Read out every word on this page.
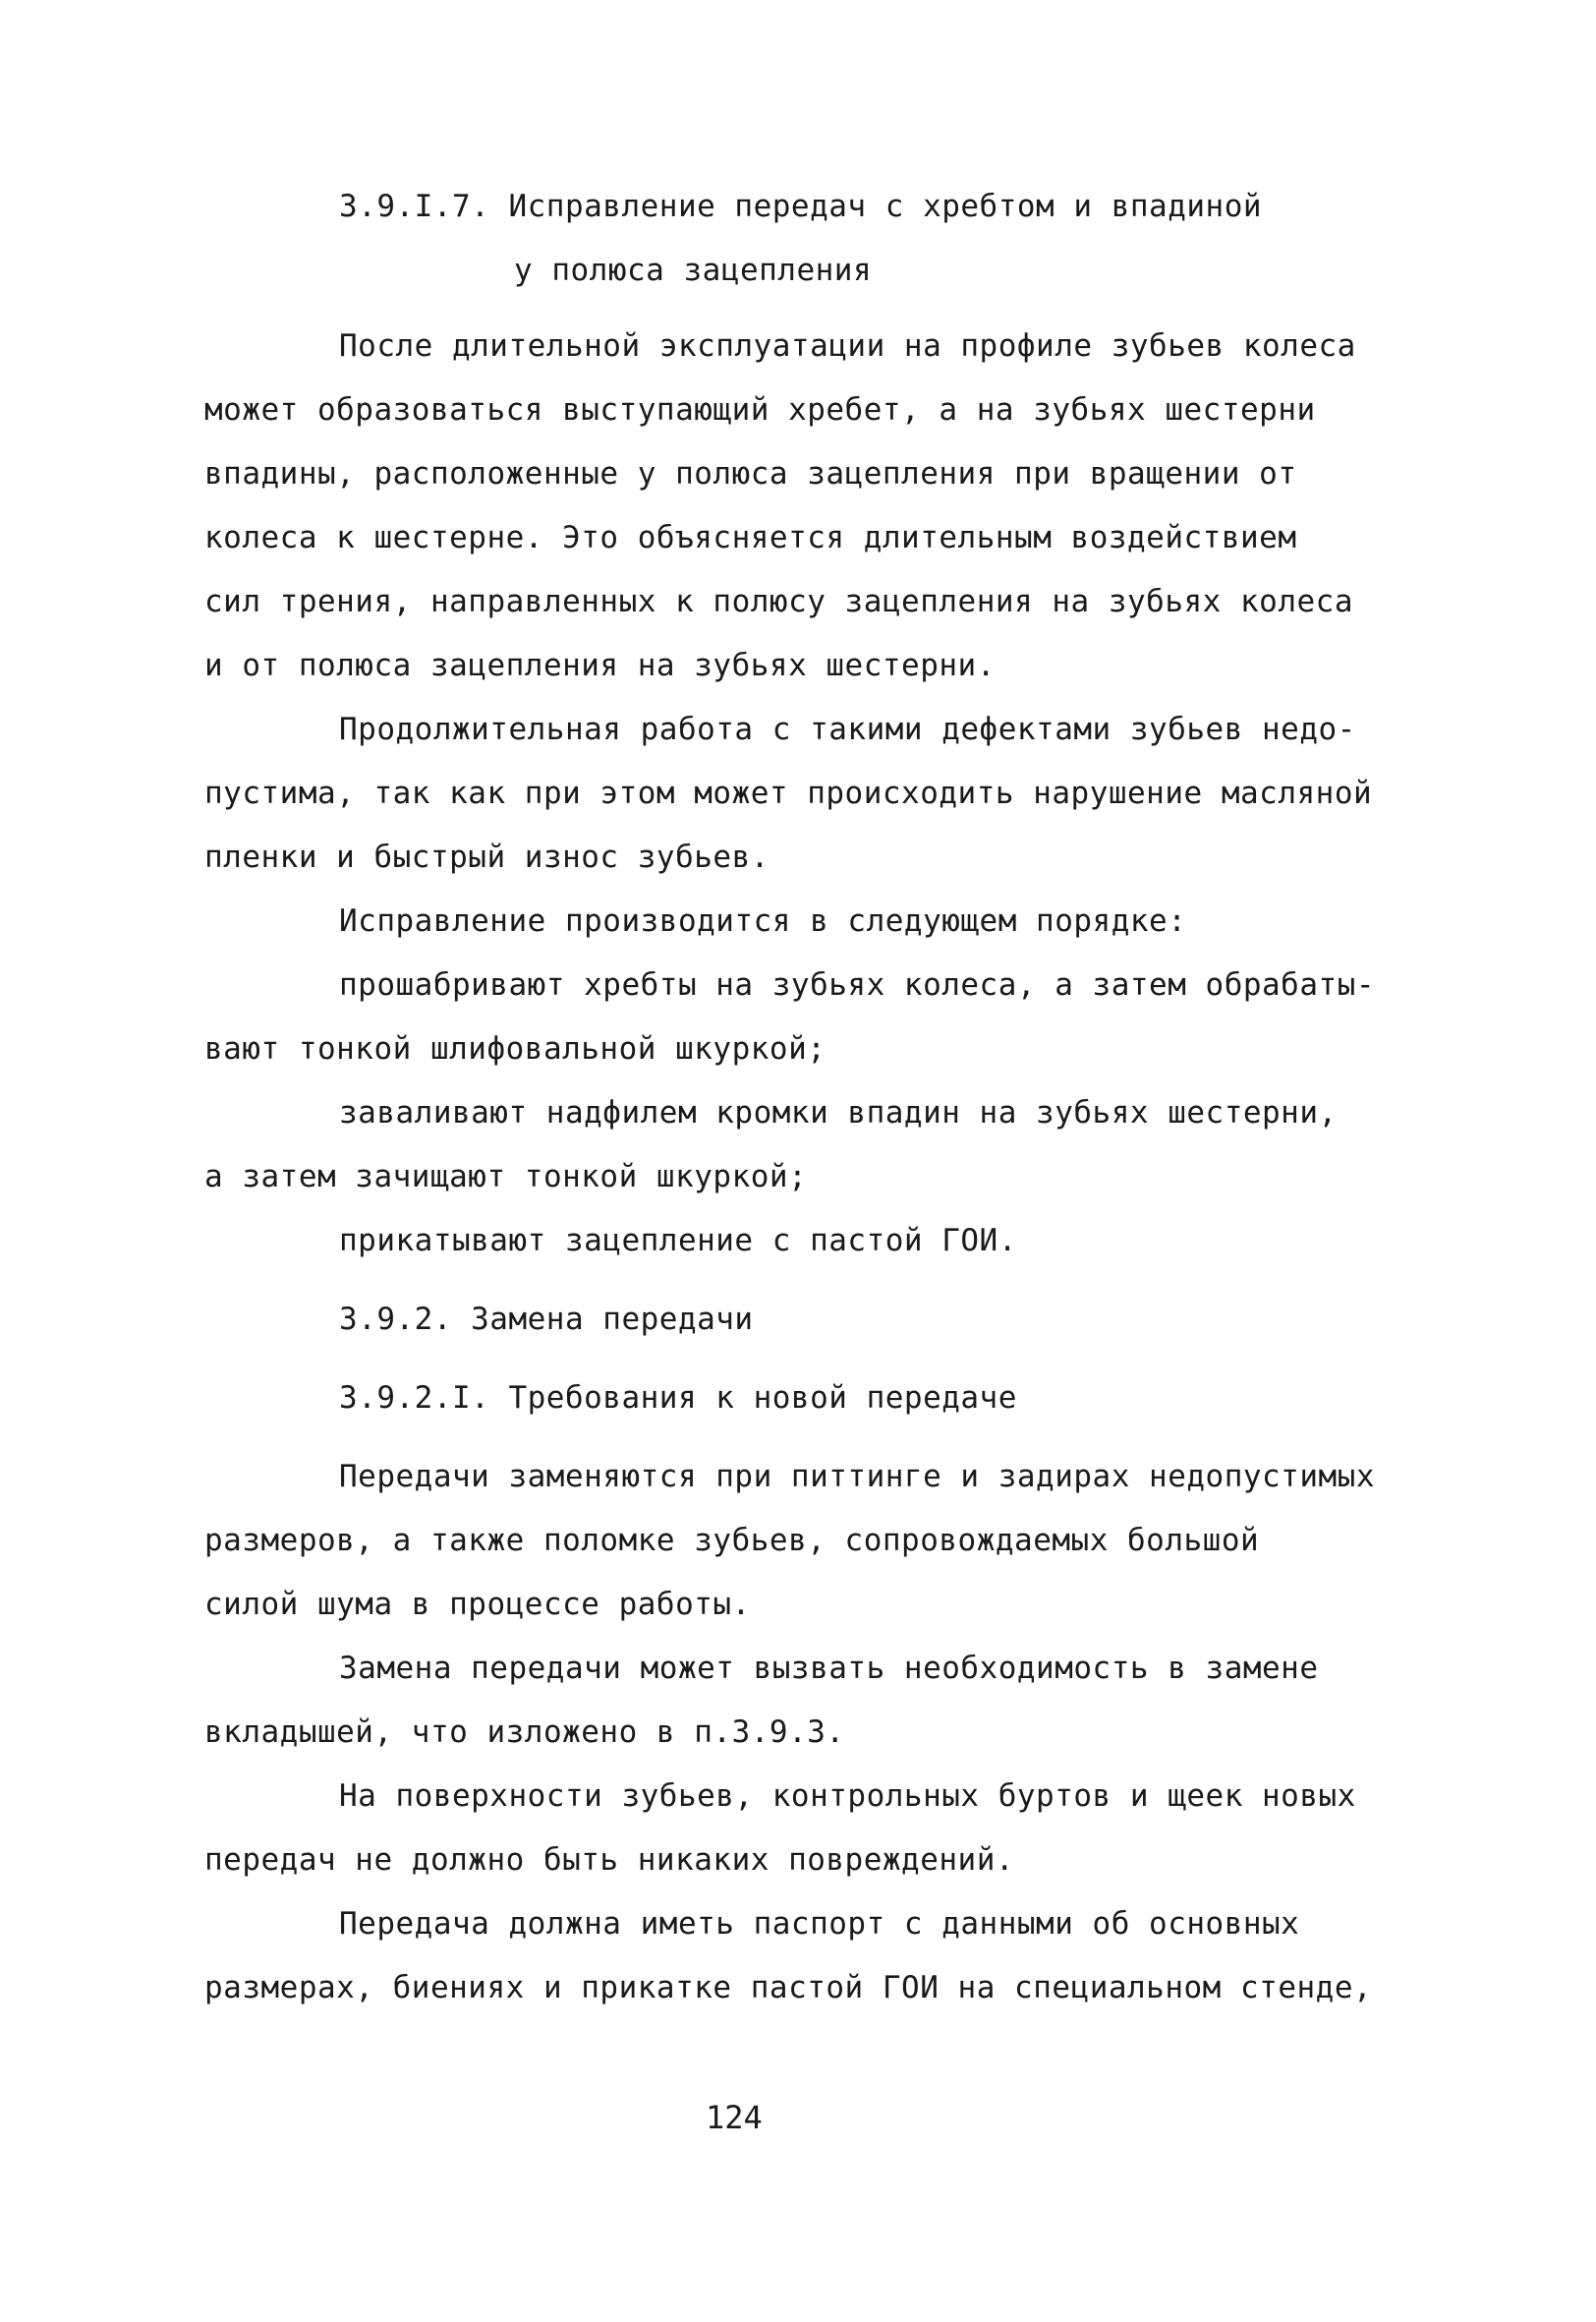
3.9.I.7. Исправление передач с хребтом и впадиной
у полюса зацепления
После длительной эксплуатации на профиле зубьев колеса
может образоваться выступающий хребет, а на зубьях шестерни
впадины, расположенные у полюса зацепления при вращении от
колеса к шестерне. Это объясняется длительным воздействием
сил трения, направленных к полюсу зацепления на зубьях колеса
и от полюса зацепления на зубьях шестерни.
Продолжительная работа с такими дефектами зубьев недо-
пустима, так как при этом может происходить нарушение масляной
пленки и быстрый износ зубьев.
Исправление производится в следующем порядке:
прошабривают хребты на зубьях колеса, а затем обрабаты-
вают тонкой шлифовальной шкуркой;
заваливают надфилем кромки впадин на зубьях шестерни,
а затем зачищают тонкой шкуркой;
прикатывают зацепление с пастой ГОИ.
3.9.2. Замена передачи
3.9.2.I. Требования к новой передаче
Передачи заменяются при питтинге и задирах недопустимых
размеров, а также поломке зубьев, сопровождаемых большой
силой шума в процессе работы.
Замена передачи может вызвать необходимость в замене
вкладышей, что изложено в п.3.9.3.
На поверхности зубьев, контрольных буртов и щеек новых
передач не должно быть никаких повреждений.
Передача должна иметь паспорт с данными об основных
размерах, биениях и прикатке пастой ГОИ на специальном стенде,
124
